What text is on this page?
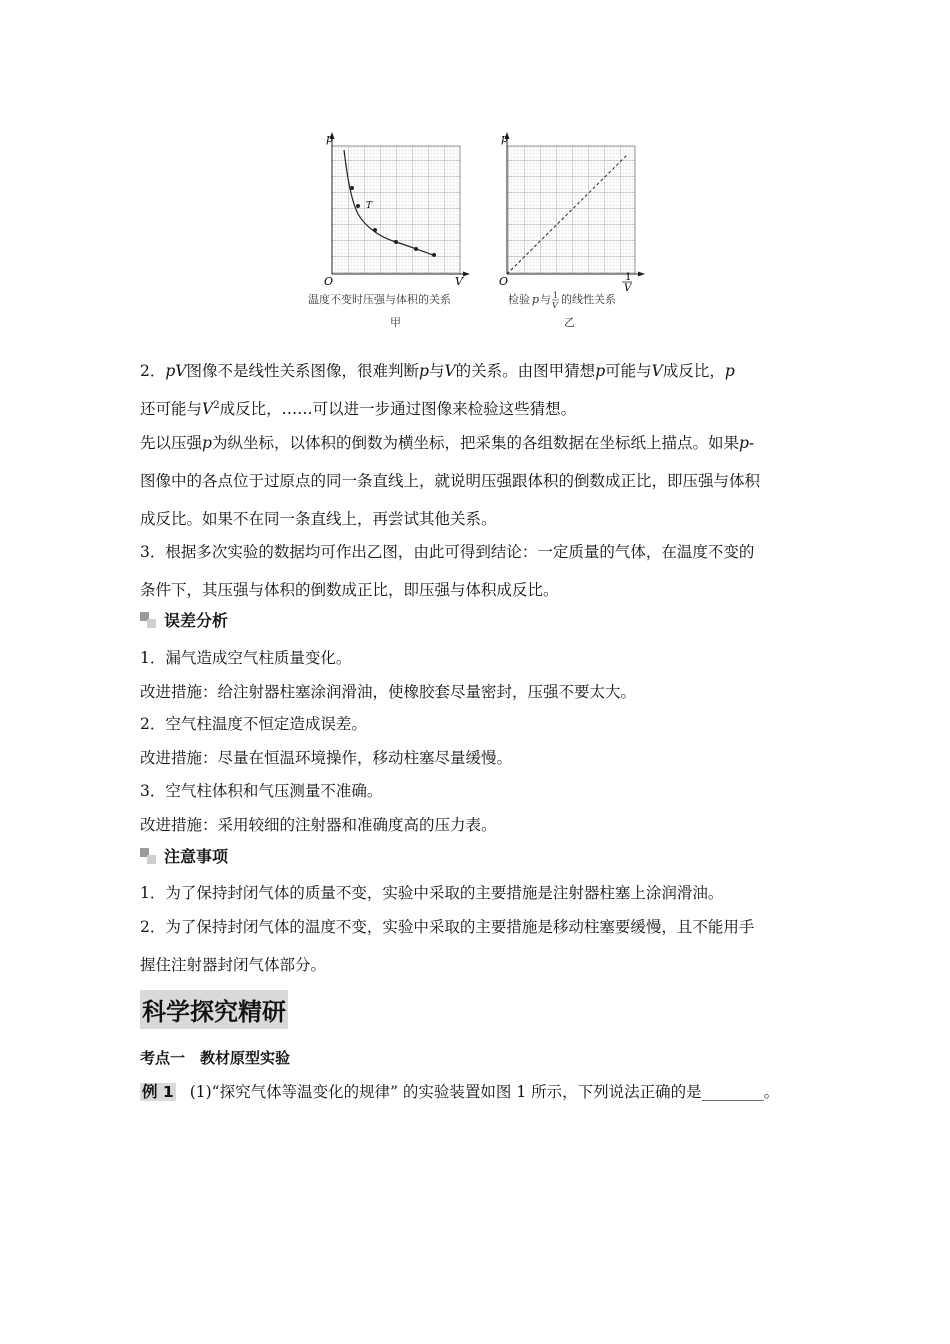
p
T
O	V
温度不变时压强与体积的关系
甲
p
O	1
V
检验 p 与 1
V 的线性关系
乙
2．pV图像不是线性关系图像，很难判断p与V的关系。由图甲猜想p可能与V成反比，p
还可能与$V^2$成反比，……可以进一步通过图像来检验这些猜想。
先以压强p为纵坐标，以体积的倒数为横坐标，把采集的各组数据在坐标纸上描点。如果p-
图像中的各点位于过原点的同一条直线上，就说明压强跟体积的倒数成正比，即压强与体积
成反比。如果不在同一条直线上，再尝试其他关系。
3．根据多次实验的数据均可作出乙图，由此可得到结论：一定质量的气体，在温度不变的
条件下，其压强与体积的倒数成正比，即压强与体积成反比。
误差分析
1．漏气造成空气柱质量变化。
改进措施：给注射器柱塞涂润滑油，使橡胶套尽量密封，压强不要太大。
2．空气柱温度不恒定造成误差。
改进措施：尽量在恒温环境操作，移动柱塞尽量缓慢。
3．空气柱体积和气压测量不准确。
改进措施：采用较细的注射器和准确度高的压力表。
注意事项
1．为了保持封闭气体的质量不变，实验中采取的主要措施是注射器柱塞上涂润滑油。
2．为了保持封闭气体的温度不变，实验中采取的主要措施是移动柱塞要缓慢，且不能用手
握住注射器封闭气体部分。
科学探究精研
考点一　教材原型实验
例 1 (1)“探究气体等温变化的规律” 的实验装置如图 1 所示，下列说法正确的是________。
